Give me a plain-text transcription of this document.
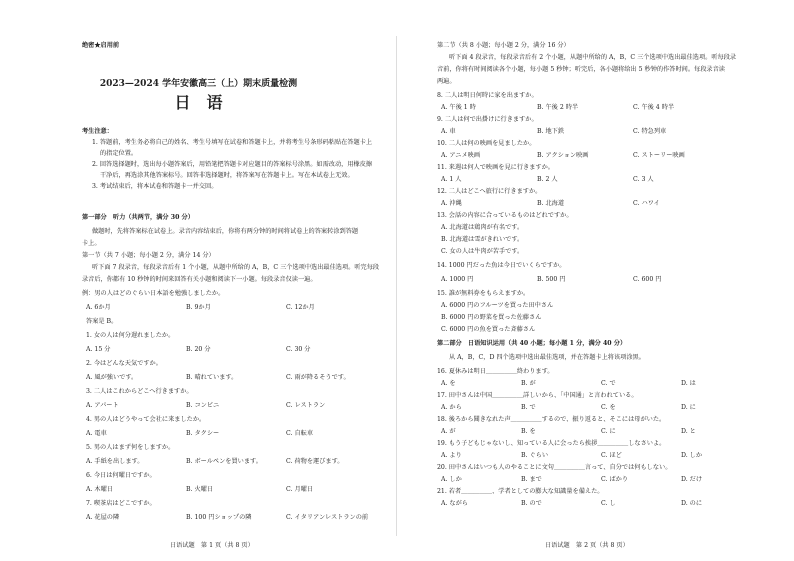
绝密★启用前
2023—2024 学年安徽高三（上）期末质量检测
日　语
考生注意：
1. 答题前，考生务必将自己的姓名、考生号填写在试卷和答题卡上，并将考生号条形码粘贴在答题卡上
的指定位置。
2. 回答选择题时，选出每小题答案后，用铅笔把答题卡对应题目的答案标号涂黑。如需改动，用橡皮擦
干净后，再选涂其他答案标号。回答非选择题时，将答案写在答题卡上。写在本试卷上无效。
3. 考试结束后，将本试卷和答题卡一并交回。
第一部分　听力（共两节，满分 30 分）
做题时，先将答案标在试卷上。录音内容结束后，你将有两分钟的时间将试卷上的答案转涂到答题
卡上。
第一节（共 7 小题；每小题 2 分，满分 14 分）
听下面 7 段录音，每段录音后有 1 个小题，从题中所给的 A，B，C 三个选项中选出最佳选项。听完每段
录音后，你都有 10 秒钟的时间来回答有关小题和阅读下一小题。每段录音仅读一遍。
例：男の人はどのぐらい日本語を勉強しましたか。
A. 6か月	B. 9か月	C. 12か月
答案是 B。
1. 女の人は何分遅れましたか。
A. 15 分	B. 20 分	C. 30 分
2. 今はどんな天気ですか。
A. 風が強いです。	B. 晴れています。	C. 雨が降るそうです。
3. 二人はこれからどこへ行きますか。
A. アパート	B. コンビニ	C. レストラン
4. 男の人はどうやって会社に来ましたか。
A. 電車	B. タクシー	C. 自転車
5. 男の人はまず何をしますか。
A. 手紙を出します。	B. ボールペンを買います。	C. 荷物を運びます。
6. 今日は何曜日ですか。
A. 木曜日	B. 火曜日	C. 月曜日
7. 喫茶店はどこですか。
A. 花屋の隣	B. 100 円ショップの隣	C. イタリアンレストランの前
日语试题　第 1 页（共 8 页）
第二节（共 8 小题；每小题 2 分，满分 16 分）
听下面 4 段录音，每段录音后有 2 个小题，从题中所给的 A，B，C 三个选项中选出最佳选项。听每段录
音前，你将有时间阅读各个小题，每小题 5 秒钟；听完后，各小题将给出 5 秒钟的作答时间。每段录音读
两遍。
8. 二人は明日何時に家を出ますか。
A. 午後 1 時	B. 午後 2 時半	C. 午後 4 時半
9. 二人は何で出掛けに行きますか。
A. 車	B. 地下鉄	C. 特急列車
10. 二人は何の映画を見ましたか。
A. アニメ映画	B. アクション映画	C. ストーリー映画
11. 来週は何人で映画を見に行きますか。
A. 1 人	B. 2 人	C. 3 人
12. 二人はどこへ旅行に行きますか。
A. 沖縄	B. 北海道	C. ハワイ
13. 会話の内容に合っているものはどれですか。
A. 北海道は鶏肉が有名です。
B. 北海道は雪がきれいです。
C. 女の人は牛肉が苦手です。
14. 1000 円だった魚は今日でいくらですか。
A. 1000 円	B. 500 円	C. 600 円
15. 誰が無料券をもらえますか。
A. 6000 円のフルーツを買った田中さん
B. 6000 円の野菜を買った佐藤さん
C. 6000 円の魚を買った斉藤さん
第二部分　日语知识运用（共 40 小题；每小题 1 分，满分 40 分）
从 A，B，C，D 四个选项中选出最佳选项，并在答题卡上将该项涂黑。
16. 夏休みは明日＿＿＿＿＿終わります。
A. を	B. が	C. で	D. は
17. 田中さんは中国＿＿＿＿＿詳しいから、「中国通」と言われている。
A. から	B. で	C. を	D. に
18. 後ろから聞きなれた声＿＿＿＿＿するので、振り返ると、そこには母がいた。
A. が	B. を	C. に	D. と
19. もう子どもじゃないし、知っている人に会ったら挨拶＿＿＿＿＿しなさいよ。
A. より	B. ぐらい	C. ほど	D. しか
20. 田中さんはいつも人のやることに文句＿＿＿＿＿言って、自分では何もしない。
A. しか	B. まで	C. ばかり	D. だけ
21. 若者＿＿＿＿＿、学者としての膨大な知識量を備えた。
A. ながら	B. ので	C. し	D. のに
日语试题　第 2 页（共 8 页）
